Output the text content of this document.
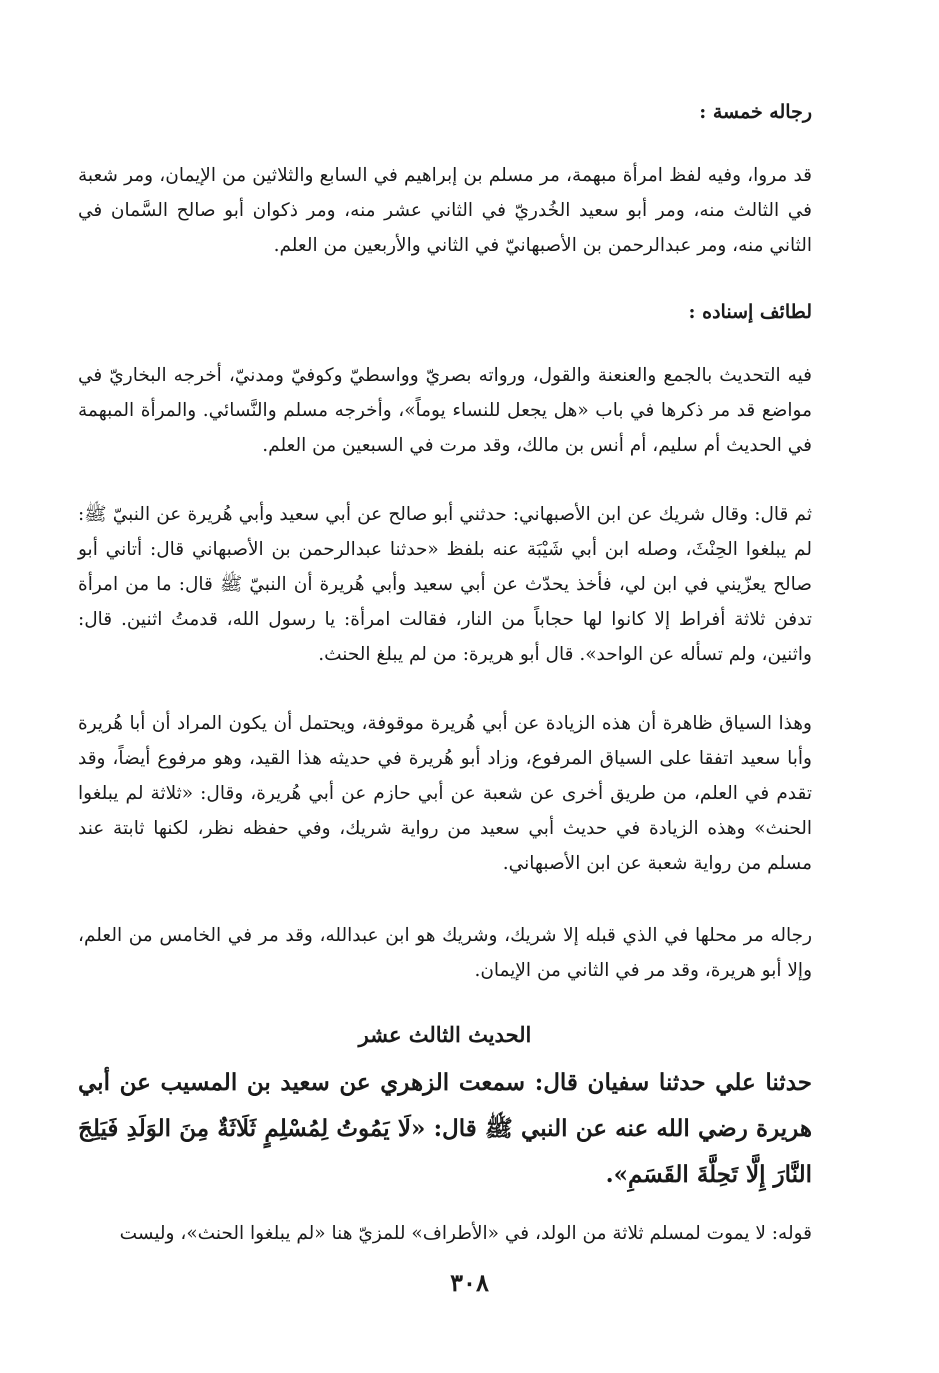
رجاله خمسة :
قد مروا، وفيه لفظ امرأة مبهمة، مر مسلم بن إبراهيم في السابع والثلاثين من الإيمان، ومر شعبة في الثالث منه، ومر أبو سعيد الخُدريّ في الثاني عشر منه، ومر ذكوان أبو صالح السَّمان في الثاني منه، ومر عبدالرحمن بن الأصبهانيّ في الثاني والأربعين من العلم.
لطائف إسناده :
فيه التحديث بالجمع والعنعنة والقول، ورواته بصريّ وواسطيّ وكوفيّ ومدنيّ، أخرجه البخاريّ في مواضع قد مر ذكرها في باب «هل يجعل للنساء يوماً»، وأخرجه مسلم والنَّسائي. والمرأة المبهمة في الحديث أم سليم، أم أنس بن مالك، وقد مرت في السبعين من العلم.
ثم قال: وقال شريك عن ابن الأصبهاني: حدثني أبو صالح عن أبي سعيد وأبي هُريرة عن النبيّ ﷺ: لم يبلغوا الحِنْثَ، وصله ابن أبي شَيْبَة عنه بلفظ «حدثنا عبدالرحمن بن الأصبهاني قال: أتاني أبو صالح يعزّيني في ابن لي، فأخذ يحدّث عن أبي سعيد وأبي هُريرة أن النبيّ ﷺ قال: ما من امرأة تدفن ثلاثة أفراط إلا كانوا لها حجاباً من النار، فقالت امرأة: يا رسول الله، قدمتُ اثنين. قال: واثنين، ولم تسأله عن الواحد». قال أبو هريرة: من لم يبلغ الحنث.
وهذا السياق ظاهرة أن هذه الزيادة عن أبي هُريرة موقوفة، ويحتمل أن يكون المراد أن أبا هُريرة وأبا سعيد اتفقا على السياق المرفوع، وزاد أبو هُريرة في حديثه هذا القيد، وهو مرفوع أيضاً، وقد تقدم في العلم، من طريق أخرى عن شعبة عن أبي حازم عن أبي هُريرة، وقال: «ثلاثة لم يبلغوا الحنث» وهذه الزيادة في حديث أبي سعيد من رواية شريك، وفي حفظه نظر، لكنها ثابتة عند مسلم من رواية شعبة عن ابن الأصبهاني.
رجاله مر محلها في الذي قبله إلا شريك، وشريك هو ابن عبدالله، وقد مر في الخامس من العلم، وإلا أبو هريرة، وقد مر في الثاني من الإيمان.
الحديث الثالث عشر
حدثنا علي حدثنا سفيان قال: سمعت الزهري عن سعيد بن المسيب عن أبي هريرة رضي الله عنه عن النبي ﷺ قال: «لَا يَمُوتُ لِمُسْلِمٍ ثَلَاثَةٌ مِنَ الوَلَدِ فَيَلِجَ النَّارَ إِلَّا تَحِلَّةَ القَسَمِ».
قوله: لا يموت لمسلم ثلاثة من الولد، في «الأطراف» للمزيّ هنا «لم يبلغوا الحنث»، وليست
٣٠٨
